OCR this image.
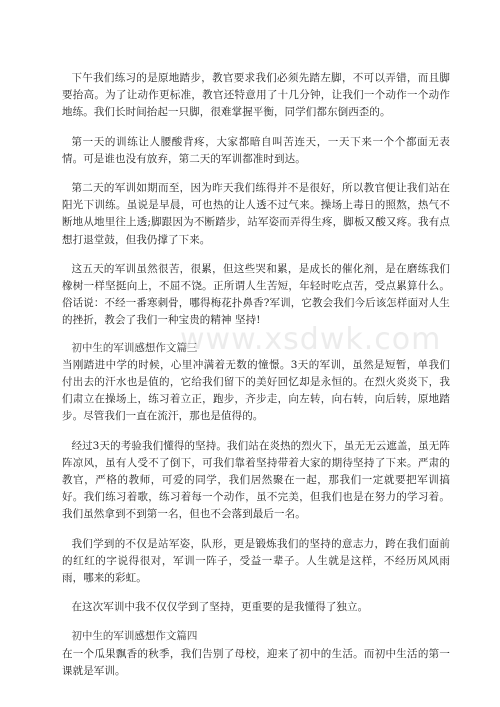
www.xsdwk.com

下午我们练习的是原地踏步，教官要求我们必须先踏左脚，不可以弄错，而且脚要抬高。为了让动作更标准，教官还特意用了十几分钟，让我们一个动作一个动作地练。我们长时间抬起一只脚，很难掌握平衡，同学们都东倒西歪的。

第一天的训练让人腰酸背疼，大家都暗自叫苦连天，一天下来一个个都面无表情。可是谁也没有放弃，第二天的军训都准时到达。

第二天的军训如期而至，因为昨天我们练得并不是很好，所以教官便让我们站在阳光下训练。虽说是早晨，可也热的让人透不过气来。操场上毒日的照熬，热气不断地从地里往上透;脚跟因为不断踏步，站军姿而弄得生疼，脚板又酸又疼。我有点想打退堂鼓，但我仍撑了下来。

这五天的军训虽然很苦，很累，但这些哭和累，是成长的催化剂，是在磨练我们橡树一样坚挺向上，不屈不饶。正所谓人生苦短，年轻时吃点苦，受点累算什么。俗话说：不经一番寒刺骨，哪得梅花扑鼻香?军训，它教会我们今后该怎样面对人生的挫折，教会了我们一种宝贵的精神 坚持!

初中生的军训感想作文篇三

当刚踏进中学的时候，心里冲满着无数的憧憬。3天的军训，虽然是短暂，单我们付出去的汗水也是值的，它给我们留下的美好回忆却是永恒的。在烈火炎炎下，我们肃立在操场上，练习着立正，跑步，齐步走，向左转，向右转，向后转，原地踏步。尽管我们一直在流汗，那也是值得的。

经过3天的考验我们懂得的坚持。我们站在炎热的烈火下，虽无无云遮盖，虽无阵阵凉风，虽有人受不了倒下，可我们靠着坚持带着大家的期待坚持了下来。严肃的教官，严格的教师，可爱的同学，我们居然聚在一起，那我们一定就要把军训搞好。我们练习着歌，练习着每一个动作，虽不完美，但我们也是在努力的学习着。我们虽然拿到不到第一名，但也不会落到最后一名。

我们学到的不仅是站军姿，队形，更是锻炼我们的坚持的意志力，跨在我们面前的红红的字说得很对，军训一阵子，受益一辈子。人生就是这样，不经历风风雨雨，哪来的彩虹。

在这次军训中我不仅仅学到了坚持，更重要的是我懂得了独立。

初中生的军训感想作文篇四

在一个瓜果飘香的秋季，我们告别了母校，迎来了初中的生活。而初中生活的第一课就是军训。
